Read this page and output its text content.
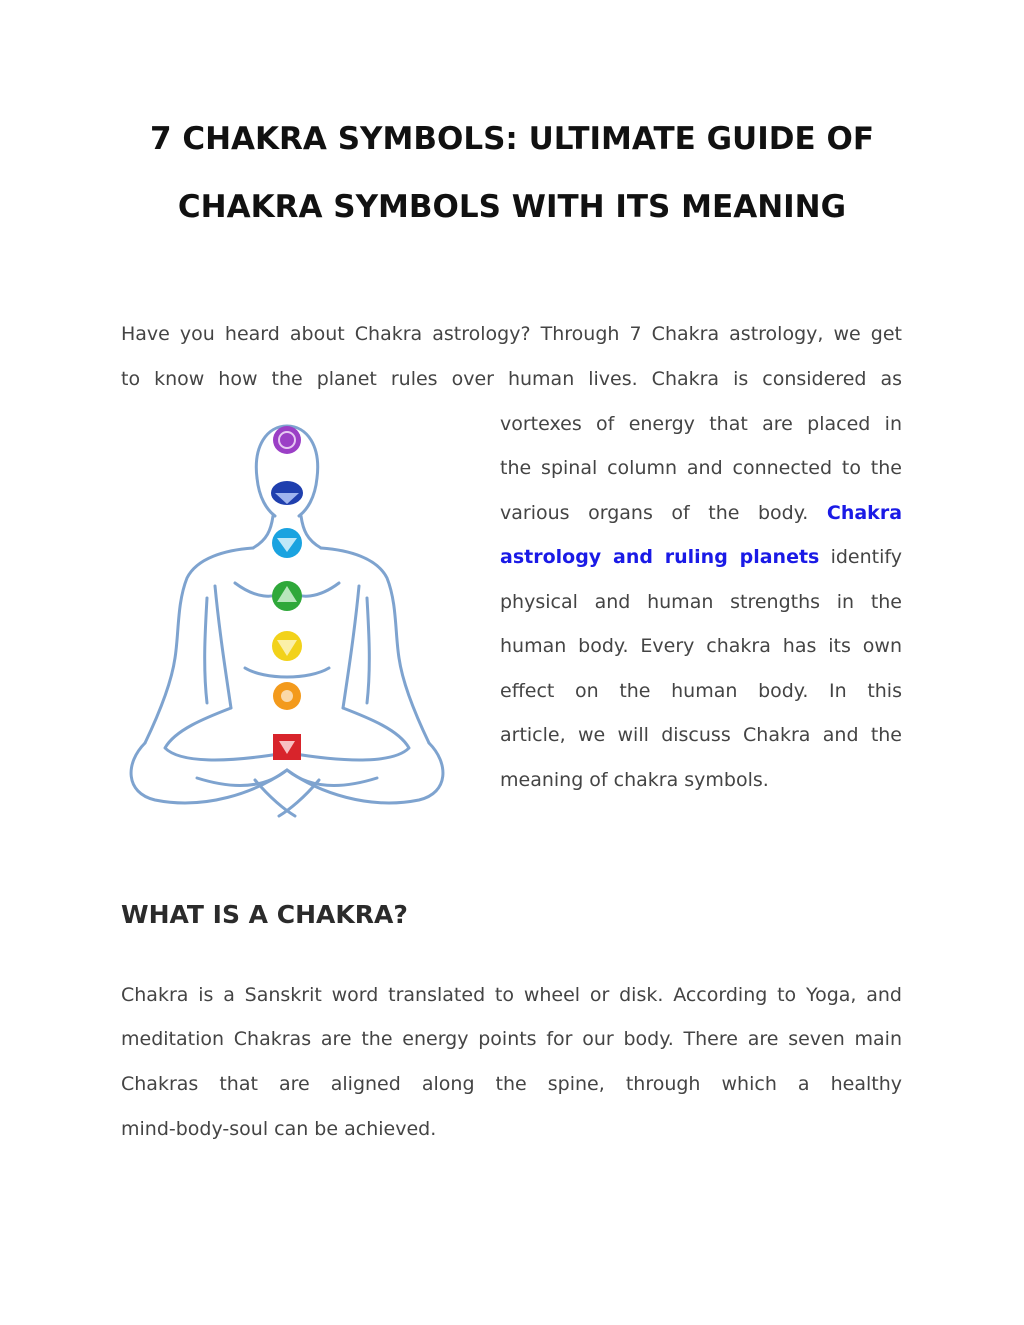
7 CHAKRA SYMBOLS: ULTIMATE GUIDE OF
CHAKRA SYMBOLS WITH ITS MEANING

Have you heard about Chakra astrology? Through 7 Chakra astrology, we get

to know how the planet rules over human lives. Chakra is considered as

vortexes of energy that are placed in

the spinal column and connected to the

various organs of the body. Chakra

astrology and ruling planets identify

physical and human strengths in the

human body. Every chakra has its own

effect on the human body. In this

article, we will discuss Chakra and the

meaning of chakra symbols.

WHAT IS A CHAKRA?

Chakra is a Sanskrit word translated to wheel or disk. According to Yoga, and

meditation Chakras are the energy points for our body. There are seven main

Chakras that are aligned along the spine, through which a healthy

mind-body-soul can be achieved.
